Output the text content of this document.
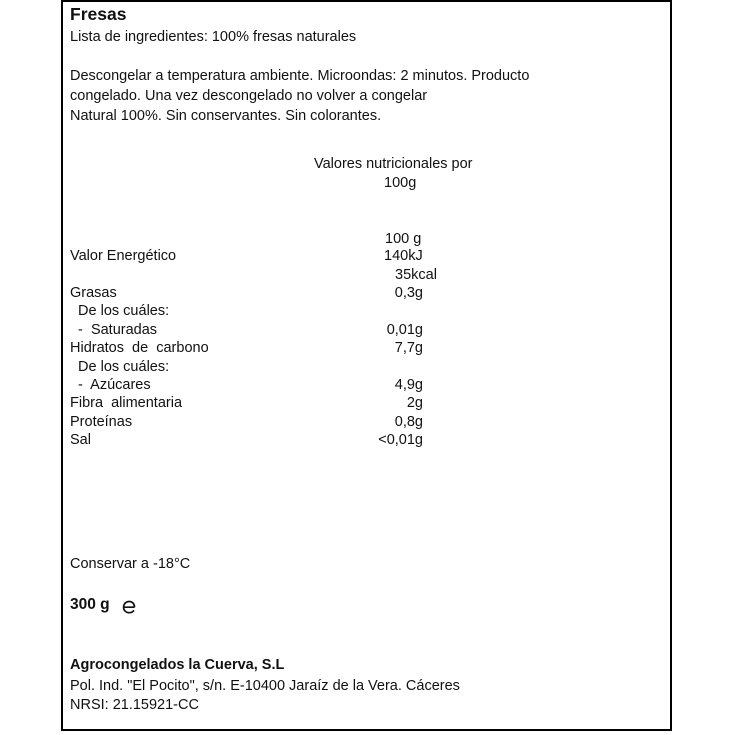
Fresas
Lista de ingredientes: 100% fresas naturales
Descongelar a temperatura ambiente. Microondas: 2 minutos. Producto
congelado. Una vez descongelado no volver a congelar
Natural 100%. Sin conservantes. Sin colorantes.
Valores nutricionales por
100g
100 g
Valor Energético	140kJ
35kcal
Grasas	0,3g
De los cuáles:
-  Saturadas	0,01g
Hidratos  de  carbono	7,7g
De los cuáles:
-  Azúcares	4,9g
Fibra  alimentaria	2g
Proteínas	0,8g
Sal	<0,01g
Conservar a -18°C
300 g
Agrocongelados la Cuerva, S.L
Pol. Ind. "El Pocito", s/n. E-10400 Jaraíz de la Vera. Cáceres
NRSI: 21.15921-CC
